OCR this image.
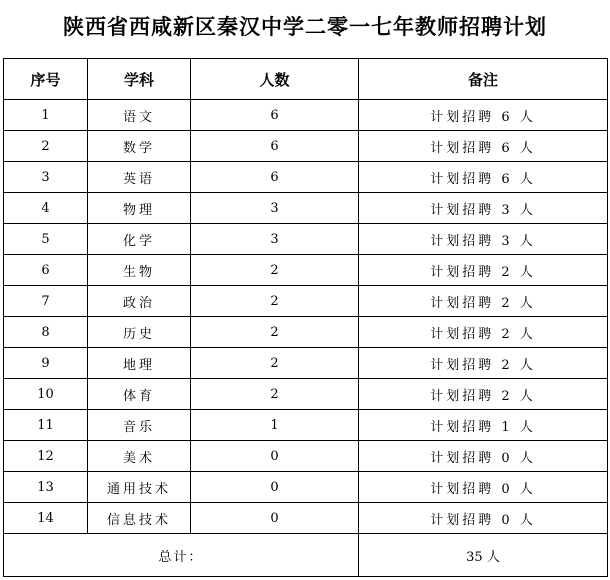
陕西省西咸新区秦汉中学二零一七年教师招聘计划
序号	学科	人数	备注
1	语文	6	计划招聘 6 人
2	数学	6	计划招聘 6 人
3	英语	6	计划招聘 6 人
4	物理	3	计划招聘 3 人
5	化学	3	计划招聘 3 人
6	生物	2	计划招聘 2 人
7	政治	2	计划招聘 2 人
8	历史	2	计划招聘 2 人
9	地理	2	计划招聘 2 人
10	体育	2	计划招聘 2 人
11	音乐	1	计划招聘 1 人
12	美术	0	计划招聘 0 人
13	通用技术	0	计划招聘 0 人
14	信息技术	0	计划招聘 0 人
总计：			35 人
